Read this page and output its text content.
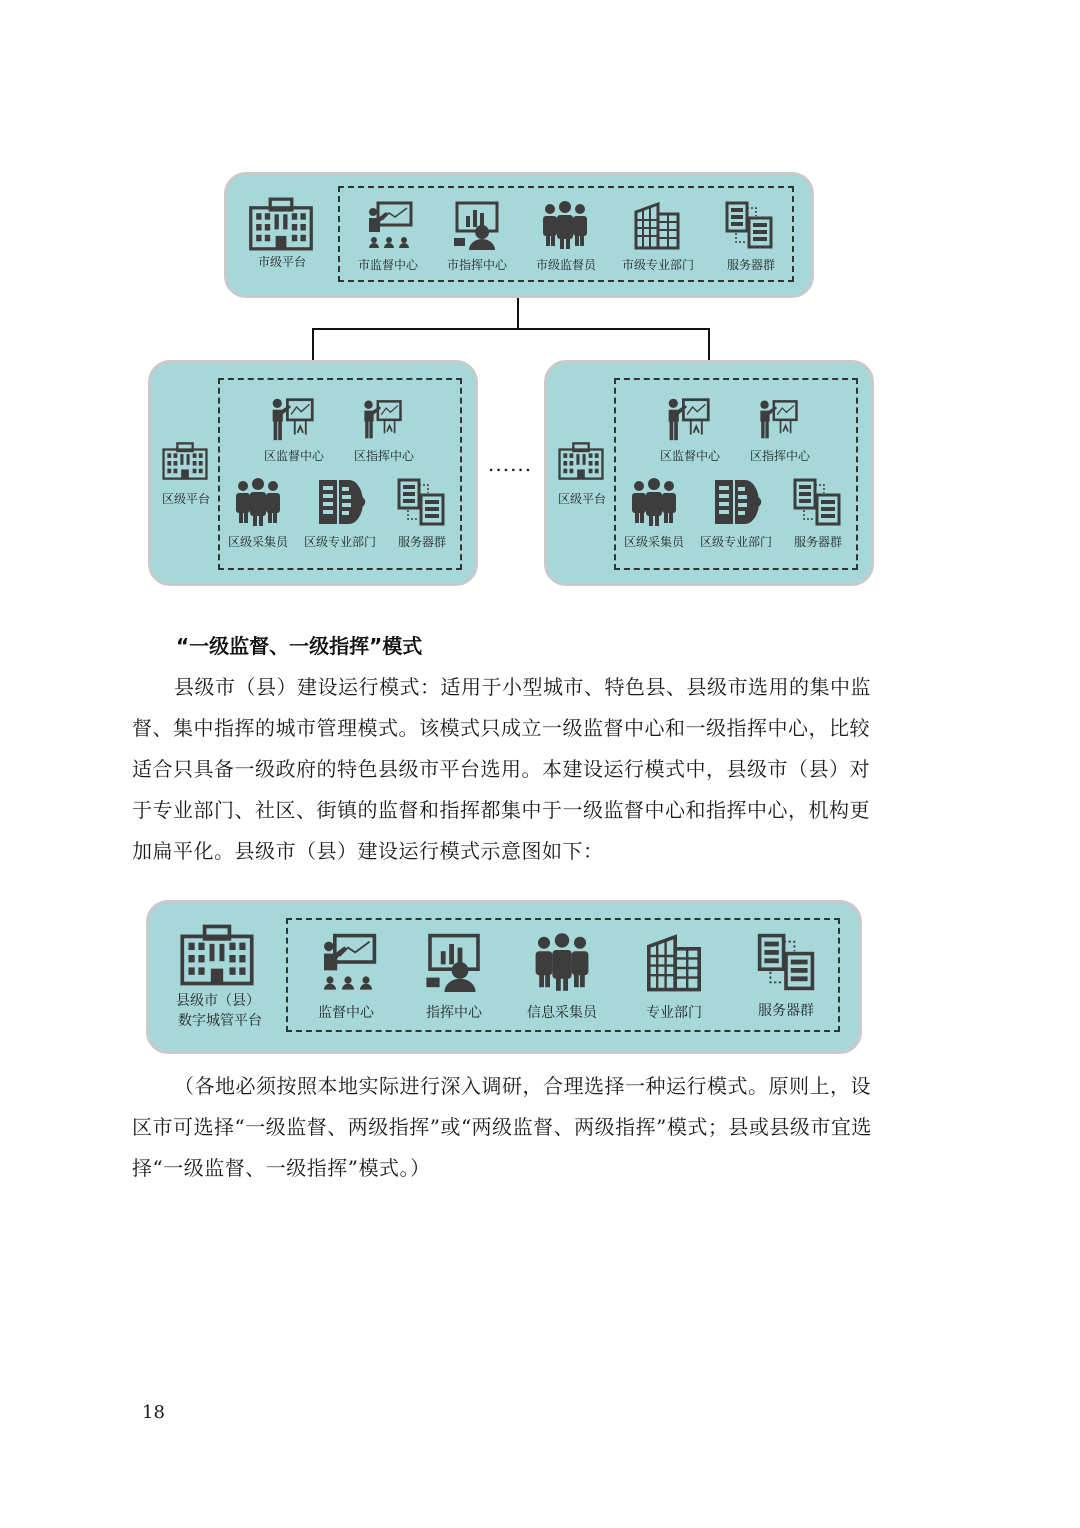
市级平台	市监督中心 市指挥中心 市级监督员 市级专业部门	服务器群
区级平台
区监督中心 区指挥中心
区级采集员 区级专业部门 服务器群
......
区级平台
区监督中心 区指挥中心
区级采集员 区级专业部门 服务器群
“一级监督、一级指挥”模式
县级市（县）建设运行模式：适用于小型城市、特色县、县级市选用的集中监督、集中指挥的城市管理模式。该模式只成立一级监督中心和一级指挥中心，比较适合只具备一级政府的特色县级市平台选用。本建设运行模式中，县级市（县）对于专业部门、社区、街镇的监督和指挥都集中于一级监督中心和指挥中心，机构更加扁平化。县级市（县）建设运行模式示意图如下：
县级市（县）
数字城管平台	监督中心	指挥中心	信息采集员	专业部门	服务器群
（各地必须按照本地实际进行深入调研，合理选择一种运行模式。原则上，设区市可选择“一级监督、两级指挥”或“两级监督、两级指挥”模式；县或县级市宜选择“一级监督、一级指挥”模式。）
18
